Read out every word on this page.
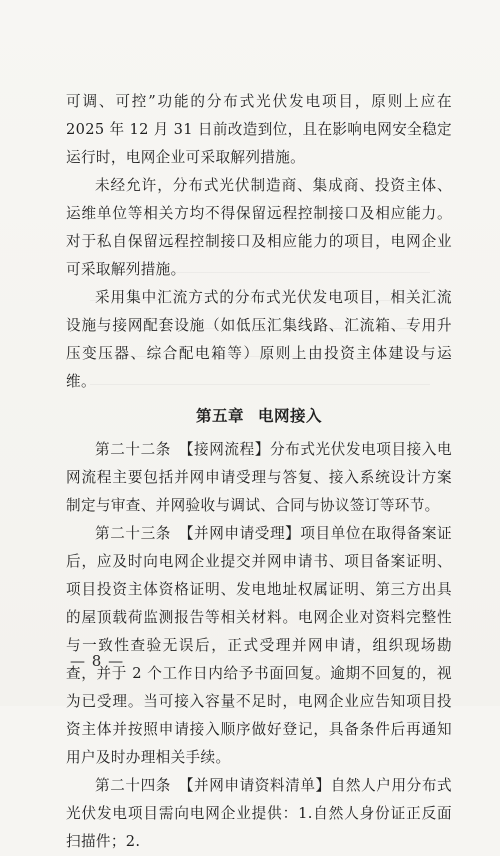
可调、可控”功能的分布式光伏发电项目，原则上应在 2025 年 12 月 31 日前改造到位，且在影响电网安全稳定运行时，电网企业可采取解列措施。

未经允许，分布式光伏制造商、集成商、投资主体、运维单位等相关方均不得保留远程控制接口及相应能力。对于私自保留远程控制接口及相应能力的项目，电网企业可采取解列措施。

采用集中汇流方式的分布式光伏发电项目，相关汇流设施与接网配套设施（如低压汇集线路、汇流箱、专用升压变压器、综合配电箱等）原则上由投资主体建设与运维。

第五章 电网接入

第二十二条　【接网流程】分布式光伏发电项目接入电网流程主要包括并网申请受理与答复、接入系统设计方案制定与审查、并网验收与调试、合同与协议签订等环节。

第二十三条　【并网申请受理】项目单位在取得备案证后，应及时向电网企业提交并网申请书、项目备案证明、项目投资主体资格证明、发电地址权属证明、第三方出具的屋顶载荷监测报告等相关材料。电网企业对资料完整性与一致性查验无误后，正式受理并网申请，组织现场勘查，并于 2 个工作日内给予书面回复。逾期不回复的，视为已受理。当可接入容量不足时，电网企业应告知项目投资主体并按照申请接入顺序做好登记，具备条件后再通知用户及时办理相关手续。

第二十四条　【并网申请资料清单】自然人户用分布式光伏发电项目需向电网企业提供：1.自然人身份证正反面扫描件；2.

— 8 —
